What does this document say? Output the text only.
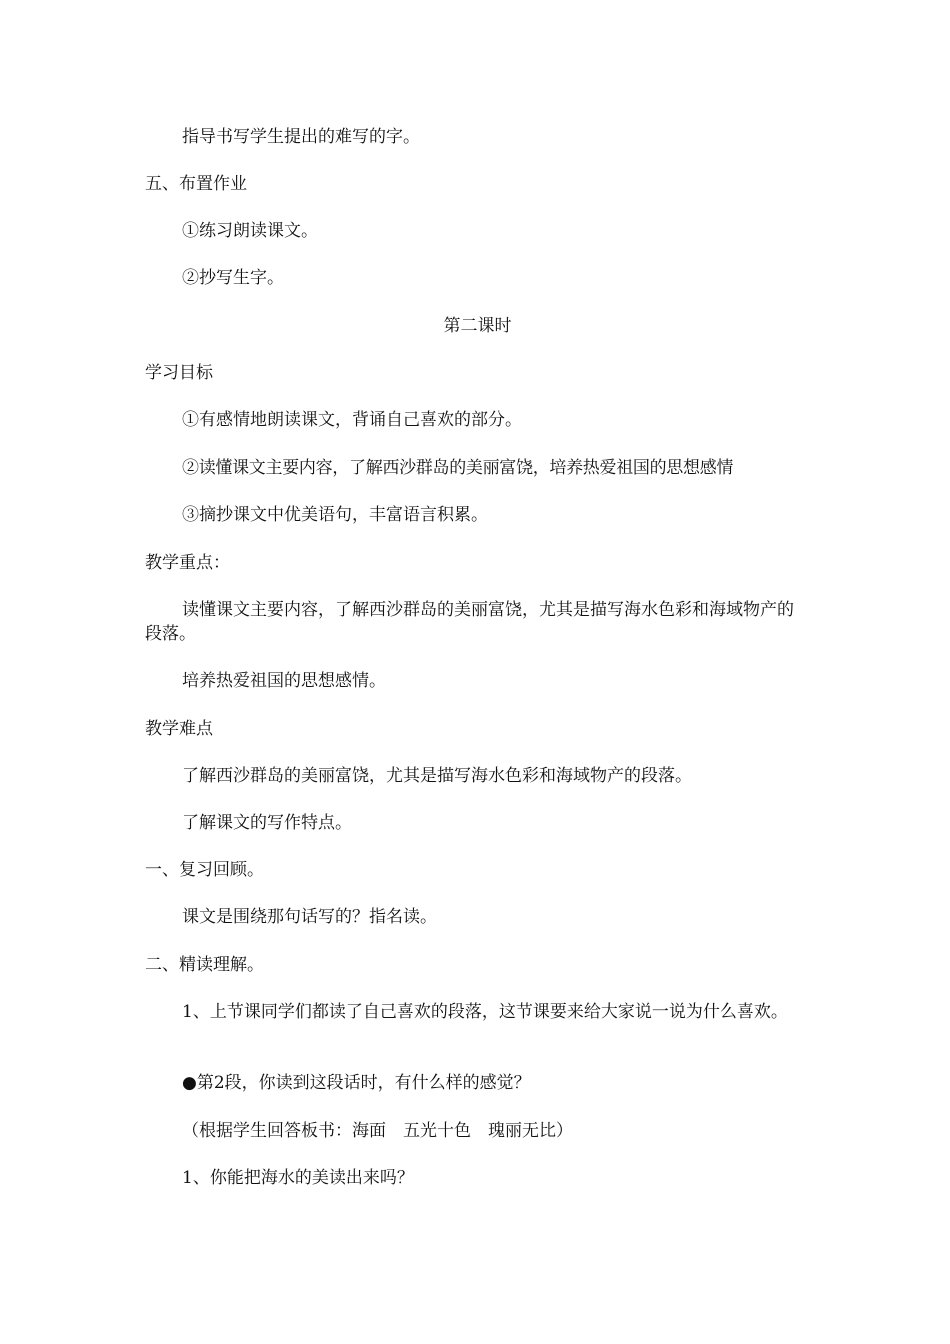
指导书写学生提出的难写的字。

五、布置作业

①练习朗读课文。

②抄写生字。

第二课时

学习目标

①有感情地朗读课文，背诵自己喜欢的部分。

②读懂课文主要内容，了解西沙群岛的美丽富饶，培养热爱祖国的思想感情

③摘抄课文中优美语句，丰富语言积累。

教学重点：

读懂课文主要内容，了解西沙群岛的美丽富饶，尤其是描写海水色彩和海域物产的段落。

培养热爱祖国的思想感情。

教学难点

了解西沙群岛的美丽富饶，尤其是描写海水色彩和海域物产的段落。

了解课文的写作特点。

一、复习回顾。

课文是围绕那句话写的？指名读。

二、精读理解。

1、上节课同学们都读了自己喜欢的段落，这节课要来给大家说一说为什么喜欢。

●第2段，你读到这段话时，有什么样的感觉？

（根据学生回答板书：海面　五光十色　瑰丽无比）

1、你能把海水的美读出来吗？
